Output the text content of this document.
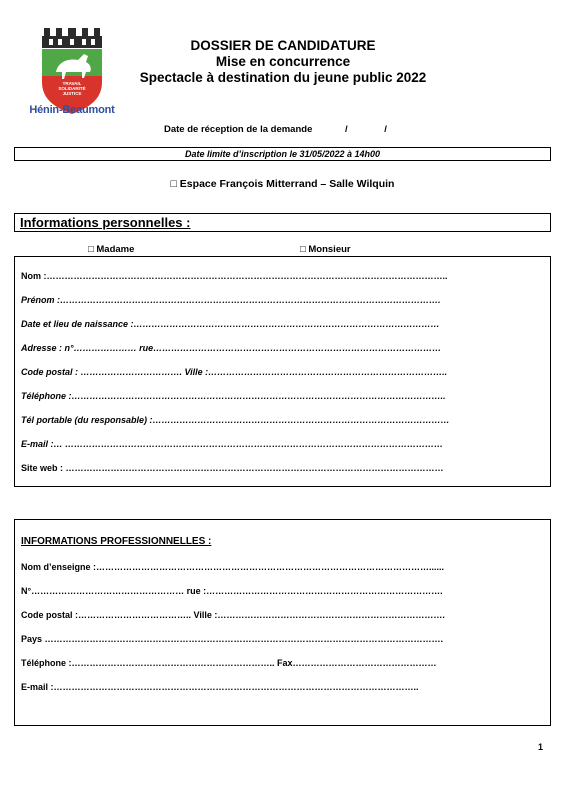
TRAVAIL
SOLIDARITÉ
JUSTICE
Hénin-Beaumont
DOSSIER DE CANDIDATURE
Mise en concurrence
Spectacle à destination du jeune public 2022
Date de réception de la demande	/	/
Date limite d’inscription le 31/05/2022 à 14h00
□ Espace François Mitterrand – Salle Wilquin
Informations personnelles :
□ Madame	□ Monsieur
Nom :……………………………………………………………………………………………………………………..
Prénom :……………………………………………………………………………………………………………….
Date et lieu de naissance :…………………………………………………………………………………………
Adresse : n°………………… rue……………………………………………………………………………………
Code postal : ……………………………. Ville :……………………………………………………………………..
Téléphone :……………………………………………………………………………………………………………..
Tél portable (du responsable) :………………………………………………………………………………………
E-mail :… ………………………………………………………………………………………………………………
Site web : ………………………………………………………………………………………………………………
INFORMATIONS PROFESSIONNELLES :
Nom d’enseigne :…………………………………………………………………………………………………......
N°…………………………………………… rue :…………………………………………………………………….
Code postal :……………………………….. Ville :………………………………………………………………….
Pays …………………………………………………………………………………………………………………….
Téléphone :………………………………………………………….. Fax…………………………………………
E-mail :…………………………………………………………………………………………………………..
1
